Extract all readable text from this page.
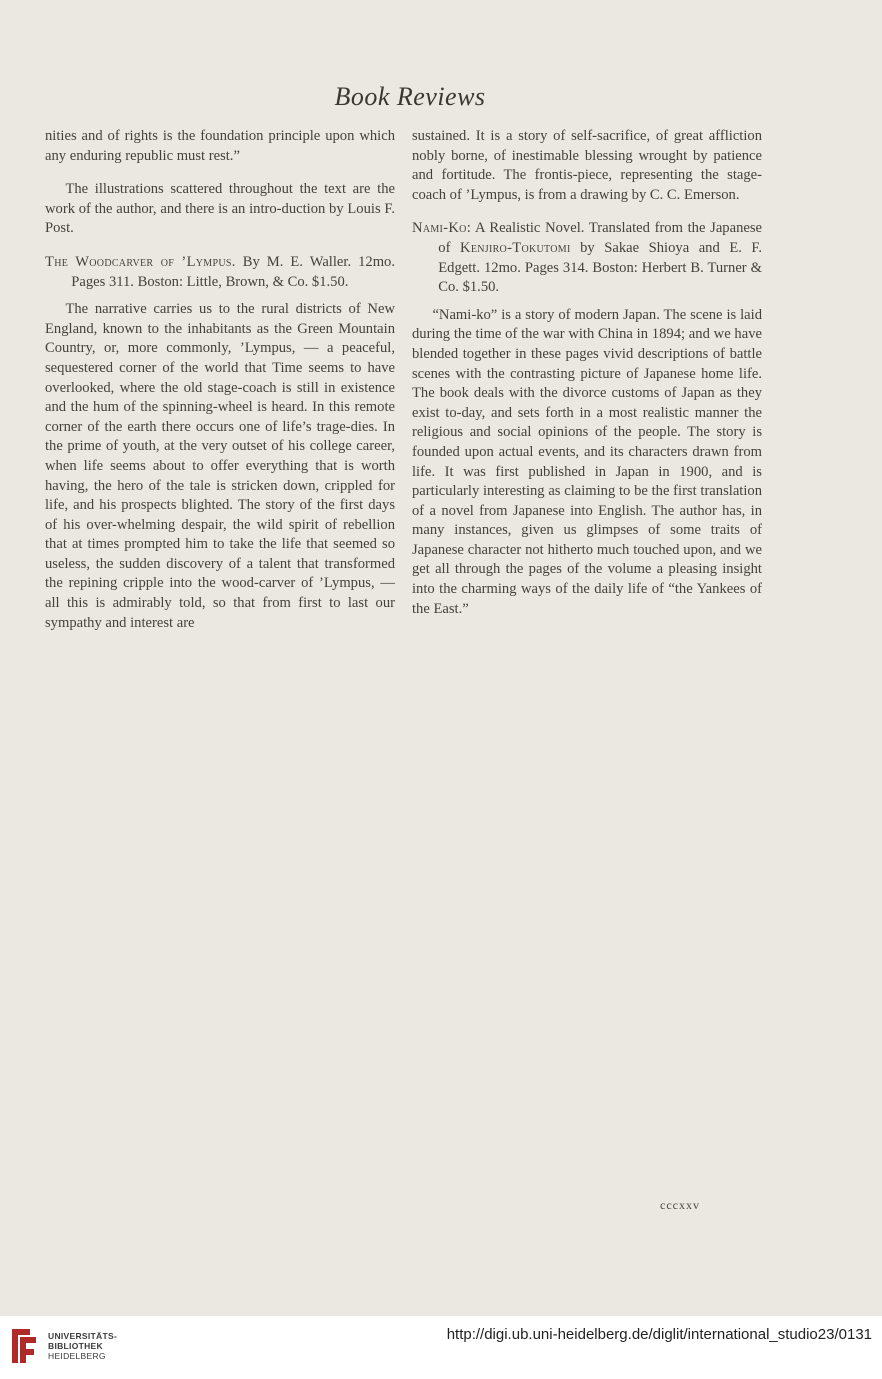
Book Reviews

nities and of rights is the foundation principle upon which any enduring republic must rest.”

The illustrations scattered throughout the text are the work of the author, and there is an intro-duction by Louis F. Post.

The Woodcarver of ’Lympus. By M. E. Waller. 12mo. Pages 311. Boston: Little, Brown, & Co. $1.50.

The narrative carries us to the rural districts of New England, known to the inhabitants as the Green Mountain Country, or, more commonly, ’Lympus, — a peaceful, sequestered corner of the world that Time seems to have overlooked, where the old stage-coach is still in existence and the hum of the spinning-wheel is heard. In this remote corner of the earth there occurs one of life’s trage-dies. In the prime of youth, at the very outset of his college career, when life seems about to offer everything that is worth having, the hero of the tale is stricken down, crippled for life, and his prospects blighted. The story of the first days of his over-whelming despair, the wild spirit of rebellion that at times prompted him to take the life that seemed so useless, the sudden discovery of a talent that transformed the repining cripple into the wood-carver of ’Lympus, — all this is admirably told, so that from first to last our sympathy and interest are

sustained. It is a story of self-sacrifice, of great affliction nobly borne, of inestimable blessing wrought by patience and fortitude. The frontis-piece, representing the stage-coach of ’Lympus, is from a drawing by C. C. Emerson.

Nami-Ko: A Realistic Novel. Translated from the Japanese of Kenjiro-Tokutomi by Sakae Shioya and E. F. Edgett. 12mo. Pages 314. Boston: Herbert B. Turner & Co. $1.50.

“Nami-ko” is a story of modern Japan. The scene is laid during the time of the war with China in 1894; and we have blended together in these pages vivid descriptions of battle scenes with the contrasting picture of Japanese home life. The book deals with the divorce customs of Japan as they exist to-day, and sets forth in a most realistic manner the religious and social opinions of the people. The story is founded upon actual events, and its characters drawn from life. It was first published in Japan in 1900, and is particularly interesting as claiming to be the first translation of a novel from Japanese into English. The author has, in many instances, given us glimpses of some traits of Japanese character not hitherto much touched upon, and we get all through the pages of the volume a pleasing insight into the charming ways of the daily life of “the Yankees of the East.”

cccxxv
UNIVERSITÄTS-
BIBLIOTHEK
HEIDELBERG
http://digi.ub.uni-heidelberg.de/diglit/international_studio23/0131
